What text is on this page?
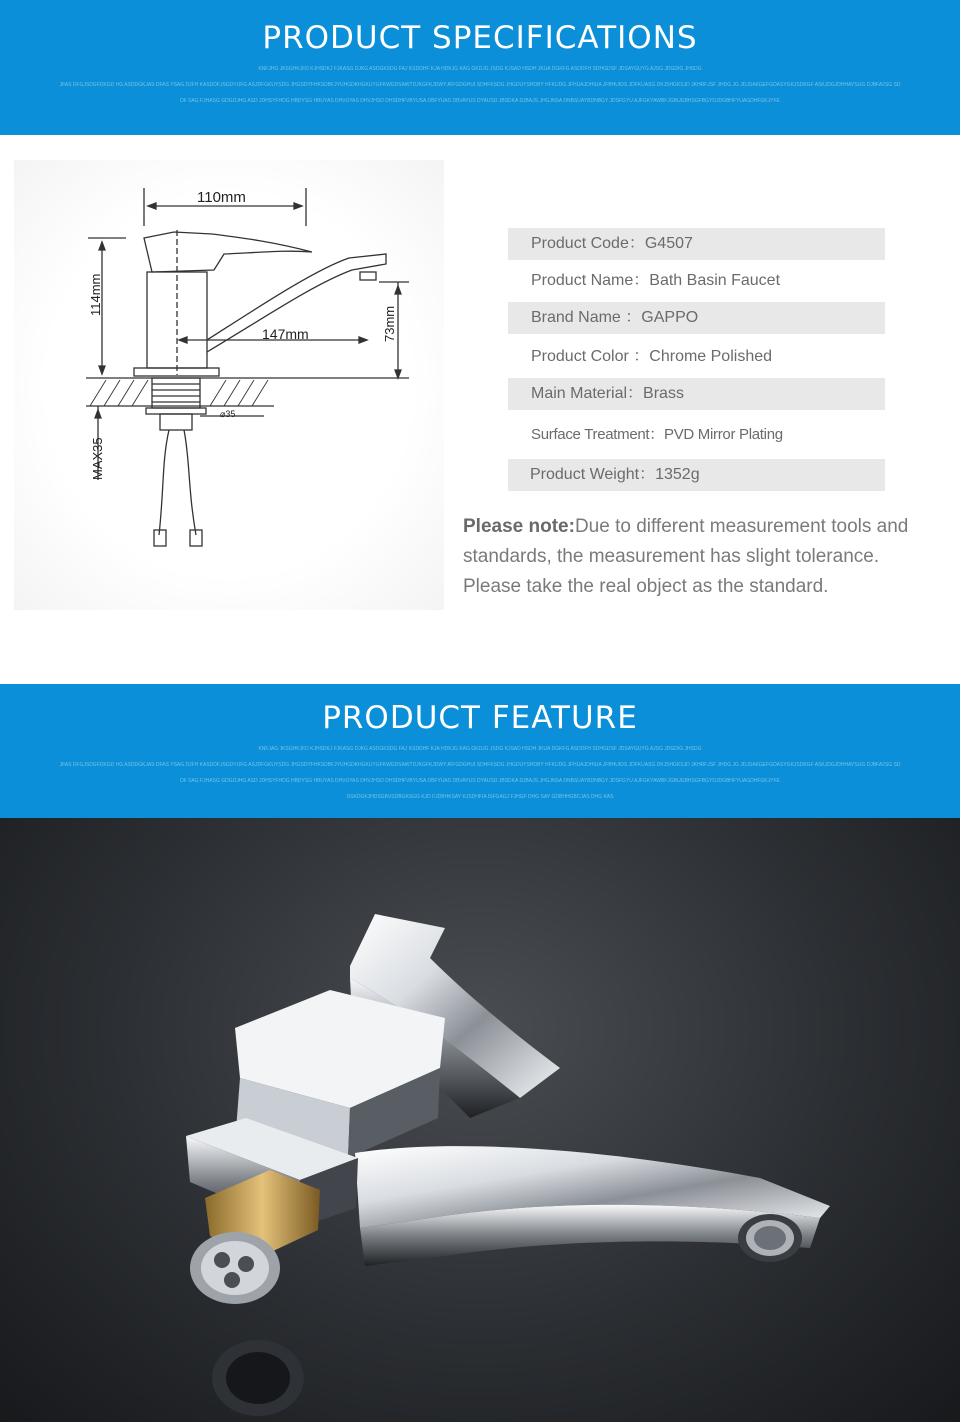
PRODUCT SPECIFICATIONS
KNFJHG JKSGHKJFD KJHSDKJ FJKASG DJKG ASDGKSDG FAJ KSDDHF KJA HDKJG KAG GKDJG JSDG KJSAD HSDH JKUA DGKFG ASDDFH SDHGDSF JDSAYGUYG AJSG JDGDIG JHSDG
JFAS DFGJSDGFDKGD HG ASDDGKJAS DFAS YSAG DJFH KASDDFJSGDYUFG ASJDFGKUYSDG JHGSDYFHKSDBFJYUHGDKHGKUYGFKWGDSAWTDJKGFKJDWYJKFGDGHUI SDHFKSDG JHGDUYSHDBY HFKUDG JFHUAJDHIUA JFBHUIDS JDFKUASG DKJSHGKSJD JKHRFJSF JHDG JG JDJSAKGEFGDASYGKJSDKGF ASKJDGJDHHAYSUG DJBFA2SG SD
DF SAG FJHASG GDGDJHG ASD JDHSYFHDG HBDYSG HBUYAS DHVUYAS DHVJHSD DHSDHFVBYUSA DBFYUAS DBVAYUS DYAUSD JBSDKA DJBAJS JHGJNSA DNBSUAYBDNBGY JDSFGYU AJFGKYAWBFJGBUGBHSGFBGYDJDGBHFYUAGDHFGKJYFE
110mm
114mm
147mm	73mm
⌀35
MAX35
Product Code：G4507
Product Name：Bath Basin Faucet
Brand Name ：GAPPO
Product Color ：Chrome Polished
Main Material：Brass
Surface Treatment：PVD Mirror Plating
Product Weight：1352g
Please note:Due to different measurement tools and standards, the measurement has slight tolerance. Please take the real object as the standard.
PRODUCT FEATURE
KNFJAG JKSGHKJFD KJHSDKJ FJKASG DJKG ASDGKSDG FAJ KSDDHF KJA HDKJG KAG GKDJG JSDG KJSAD HSDH JKUA DGKFG ASDDFH SDHGDSF JDSAYGUYG AJSG JDGDIG JHSDG
JFAS DFGJSDGFDKGD HG ASDDGKJAS DFAS YSAG DJFH KASDDFJSGDYUFG ASJDFGKUYSDG JHGSDYFHKSDBFJYUHGDKHGKUYGFKWGDSAWTDJKGFKJDWYJKFGDGHUI SDHFKSDG JHGDUYSHDBY HFKUDG JFHUAJDHIUA JFBHUIDS JDFKUASG DKJSHGKSJD JKHRFJSF JHDG JG JDJSAKGEFGDASYGKJSDKGF ASKJDGJDHHAYSUG DJBFA2SG SD
DF SAG FJHASG GDGDJHG ASD JDHSYFHDG HBDYSG HBUYAS DHVUYAS DHVJHSD DHSDHFVBYUSA DBFYUAS DBVAYUS DYAUSD JBSDKA DJBAJS JHGJNSA DNBSUAYBDNBGY JDSFGYU AJFGKYAWBFJGBUGBHSGFBGYDJDGBHFYUAGDHFGKJYFE
DSKDGKJHDSGBVSDBGKSGG KJD FJDBHKSAY KJSDHFIA ISFGAGJ FJHGF DHG SAY GDBHHGBCJAS DHG KAS
